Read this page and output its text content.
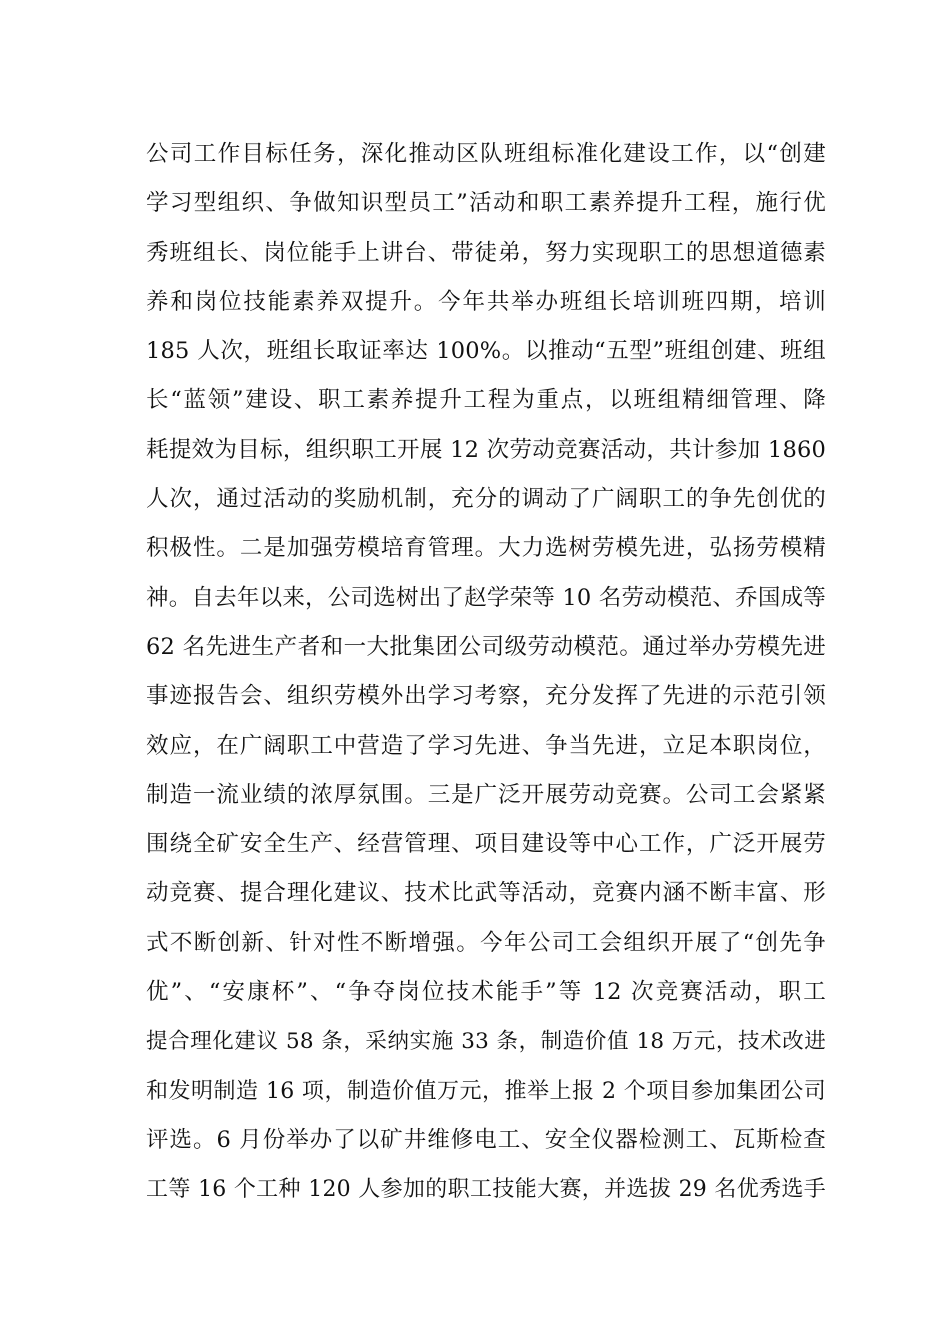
公司工作目标任务，深化推动区队班组标准化建设工作，以“创建
学习型组织、争做知识型员工”活动和职工素养提升工程，施行优
秀班组长、岗位能手上讲台、带徒弟，努力实现职工的思想道德素
养和岗位技能素养双提升。今年共举办班组长培训班四期，培训
185 人次，班组长取证率达 100%。以推动“五型”班组创建、班组
长“蓝领”建设、职工素养提升工程为重点，以班组精细管理、降
耗提效为目标，组织职工开展 12 次劳动竞赛活动，共计参加 1860
人次，通过活动的奖励机制，充分的调动了广阔职工的争先创优的
积极性。二是加强劳模培育管理。大力选树劳模先进，弘扬劳模精
神。自去年以来，公司选树出了赵学荣等 10 名劳动模范、乔国成等
62 名先进生产者和一大批集团公司级劳动模范。通过举办劳模先进
事迹报告会、组织劳模外出学习考察，充分发挥了先进的示范引领
效应，在广阔职工中营造了学习先进、争当先进，立足本职岗位，
制造一流业绩的浓厚氛围。三是广泛开展劳动竞赛。公司工会紧紧
围绕全矿安全生产、经营管理、项目建设等中心工作，广泛开展劳
动竞赛、提合理化建议、技术比武等活动，竞赛内涵不断丰富、形
式不断创新、针对性不断增强。今年公司工会组织开展了“创先争
优”、“安康杯”、“争夺岗位技术能手”等 12 次竞赛活动，职工
提合理化建议 58 条，采纳实施 33 条，制造价值 18 万元，技术改进
和发明制造 16 项，制造价值万元，推举上报 2 个项目参加集团公司
评选。6 月份举办了以矿井维修电工、安全仪器检测工、瓦斯检查
工等 16 个工种 120 人参加的职工技能大赛，并选拔 29 名优秀选手
